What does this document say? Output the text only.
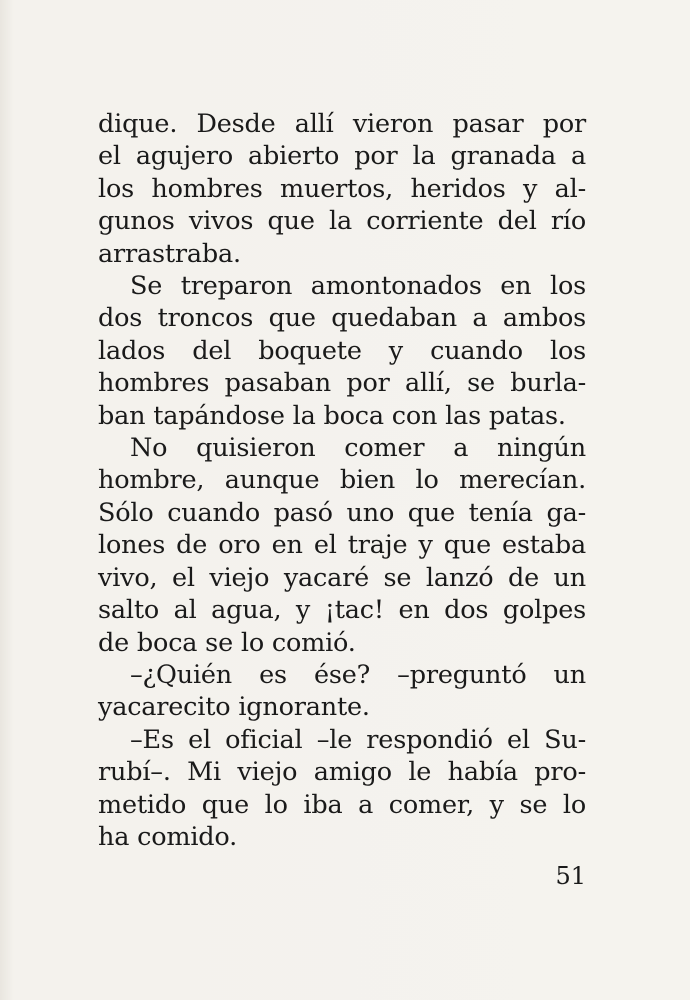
dique. Desde allí vieron pasar por
el agujero abierto por la granada a
los hombres muertos, heridos y al-
gunos vivos que la corriente del río
arrastraba.
Se treparon amontonados en los
dos troncos que quedaban a ambos
lados del boquete y cuando los
hombres pasaban por allí, se burla-
ban tapándose la boca con las patas.
No quisieron comer a ningún
hombre, aunque bien lo merecían.
Sólo cuando pasó uno que tenía ga-
lones de oro en el traje y que estaba
vivo, el viejo yacaré se lanzó de un
salto al agua, y ¡tac! en dos golpes
de boca se lo comió.
–¿Quién es ése? –preguntó un
yacarecito ignorante.
–Es el oficial –le respondió el Su-
rubí–. Mi viejo amigo le había pro-
metido que lo iba a comer, y se lo
ha comido.
51
